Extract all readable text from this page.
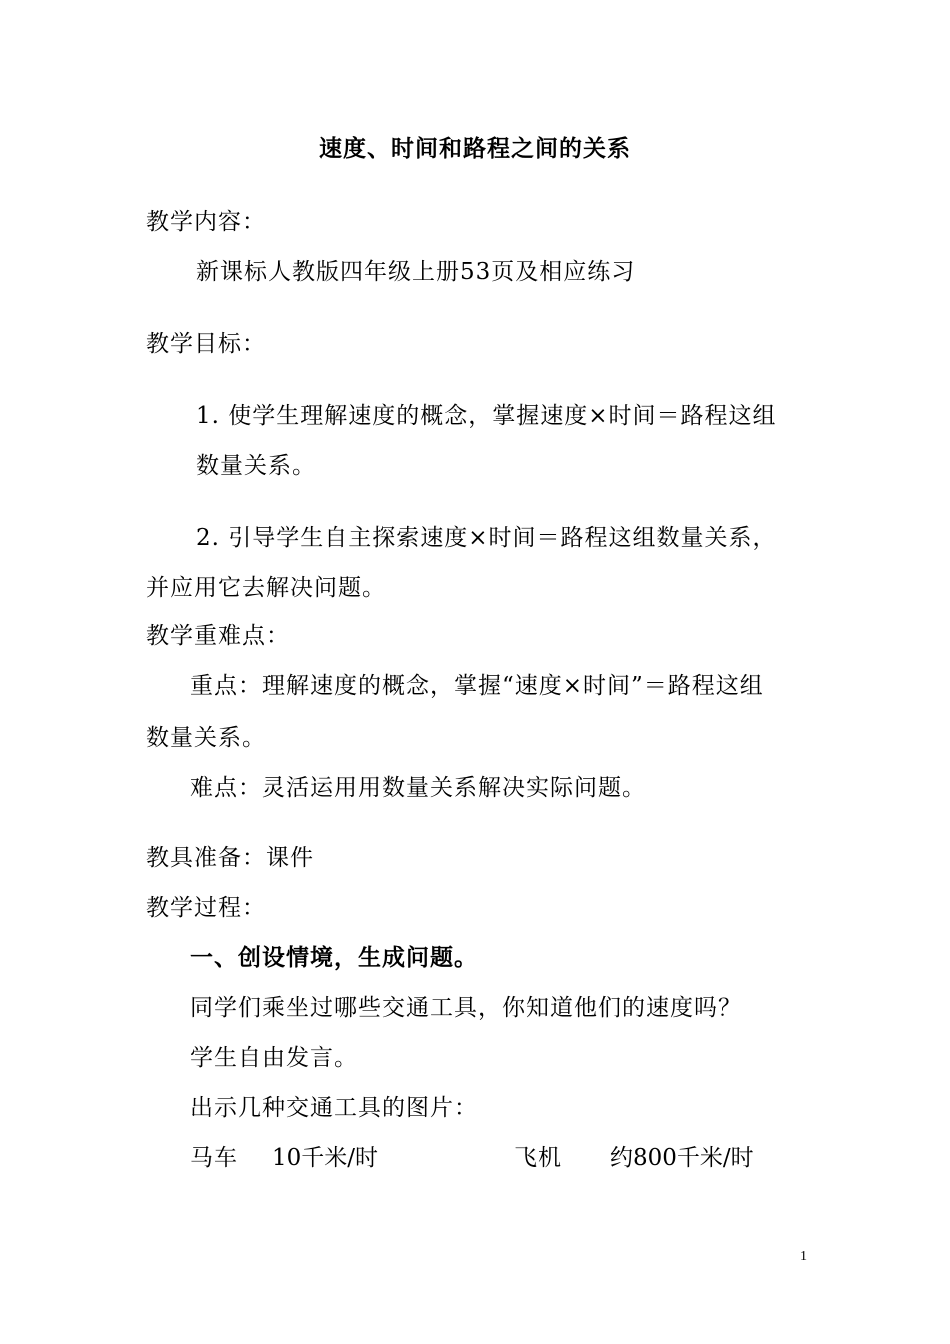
速度、时间和路程之间的关系
教学内容：
新课标人教版四年级上册53页及相应练习
教学目标：
1. 使学生理解速度的概念，掌握速度×时间＝路程这组
数量关系。
2. 引导学生自主探索速度×时间＝路程这组数量关系，
并应用它去解决问题。
教学重难点：
重点：理解速度的概念，掌握“速度×时间”＝路程这组
数量关系。
难点：灵活运用用数量关系解决实际问题。
教具准备：课件
教学过程：
一、创设情境，生成问题。
同学们乘坐过哪些交通工具，你知道他们的速度吗？
学生自由发言。
出示几种交通工具的图片：
马车 10千米/时	飞机 约800千米/时
1
